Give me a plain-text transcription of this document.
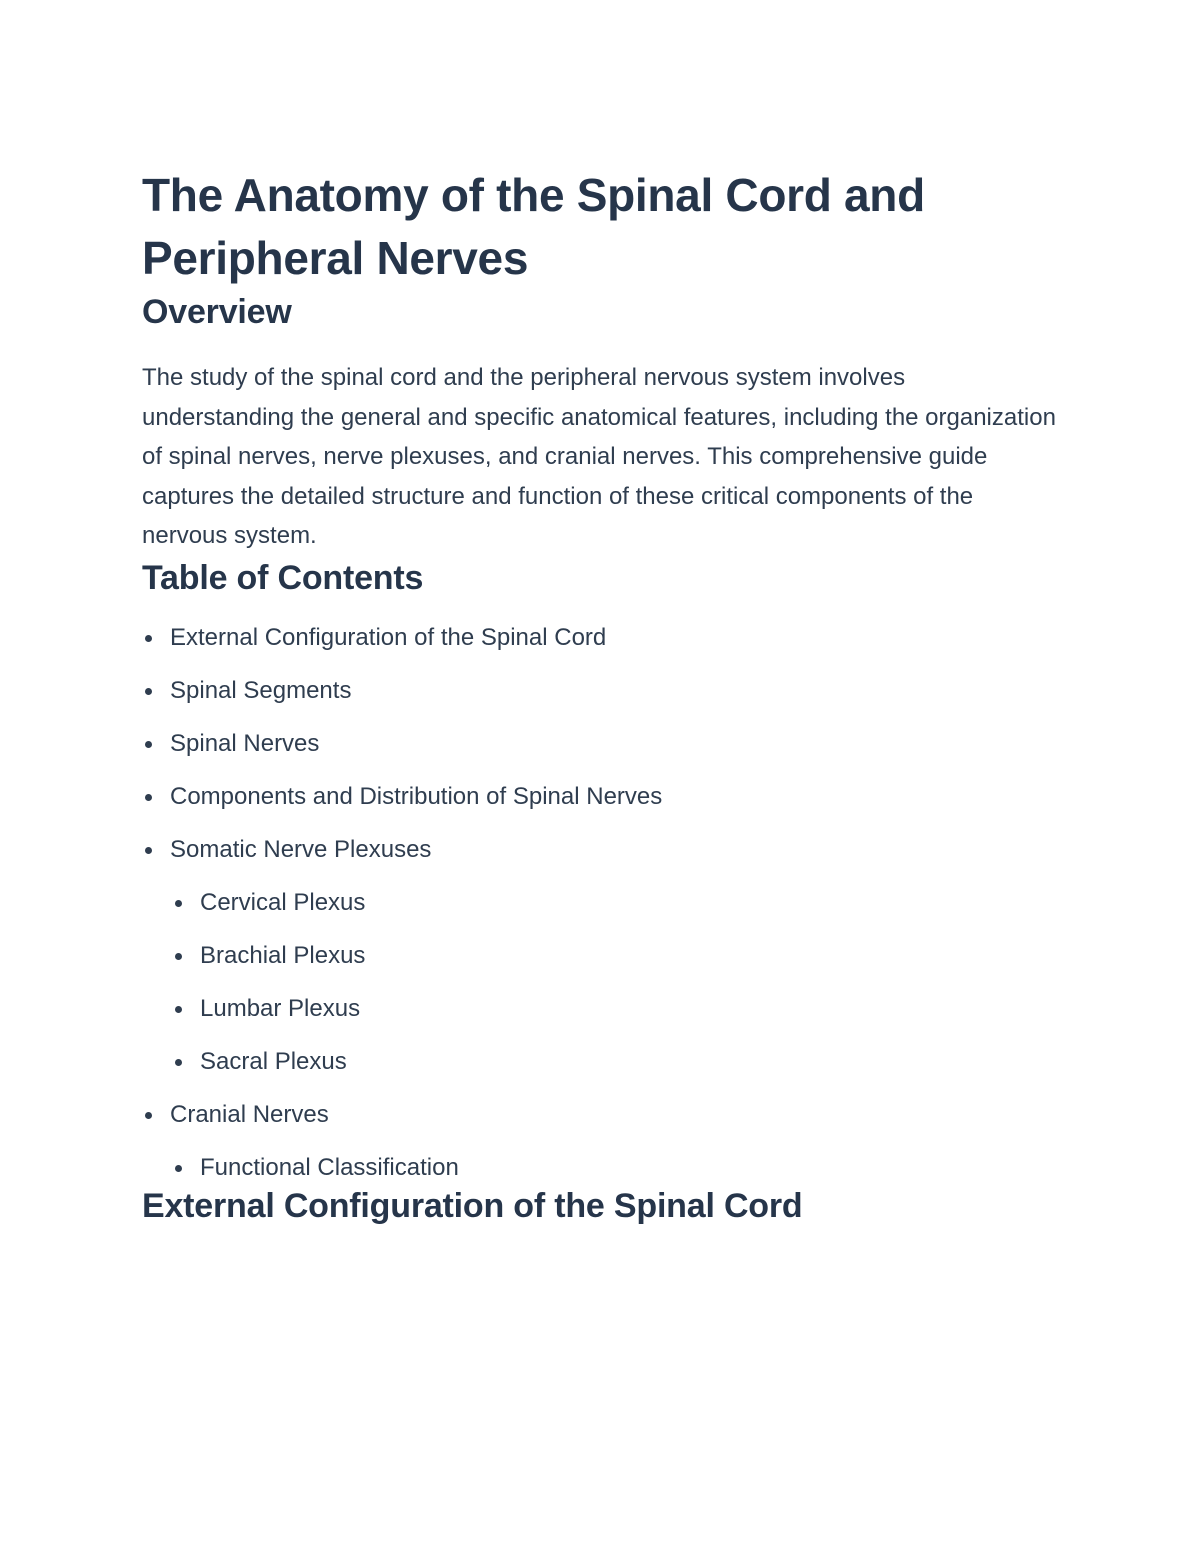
The Anatomy of the Spinal Cord and Peripheral Nerves
Overview

The study of the spinal cord and the peripheral nervous system involves understanding the general and specific anatomical features, including the organization of spinal nerves, nerve plexuses, and cranial nerves. This comprehensive guide captures the detailed structure and function of these critical components of the nervous system.

Table of Contents
External Configuration of the Spinal Cord
Spinal Segments
Spinal Nerves
Components and Distribution of Spinal Nerves
Somatic Nerve Plexuses
Cervical Plexus
Brachial Plexus
Lumbar Plexus
Sacral Plexus
Cranial Nerves
Functional Classification
External Configuration of the Spinal Cord
